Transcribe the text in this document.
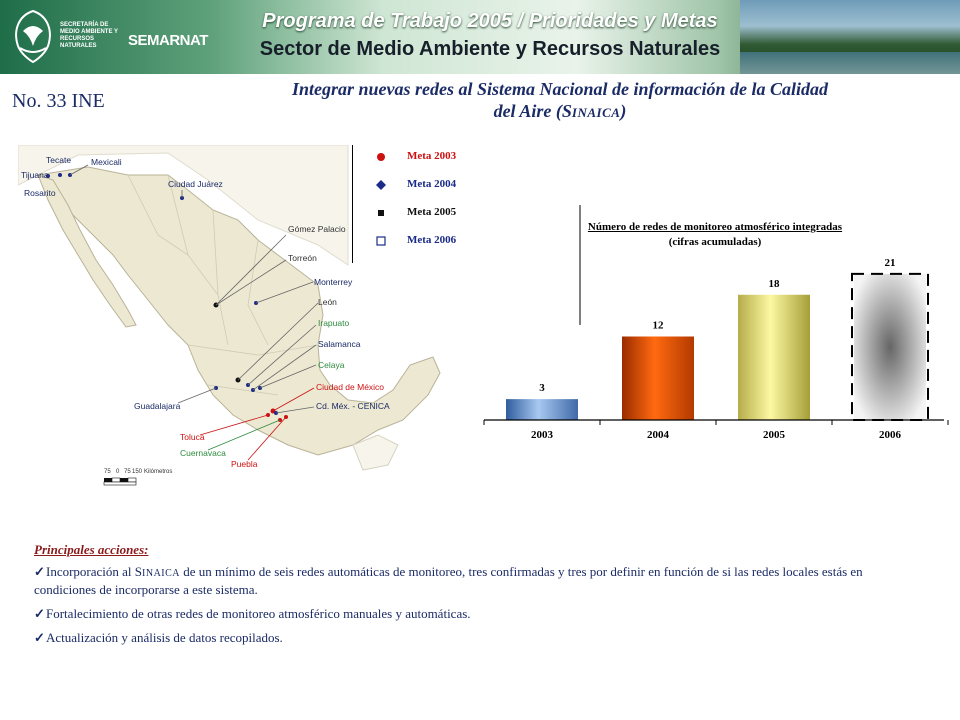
SECRETARÍA DE MEDIO AMBIENTE Y RECURSOS NATURALES	SEMARNAT
Programa de Trabajo 2005 / Prioridades y Metas
Sector de Medio Ambiente y Recursos Naturales
No. 33 INE
Integrar nuevas redes al Sistema Nacional de información de la Calidad
del Aire (SINAICA)
Tecate Mexicali
Tijuana
Rosarito
Ciudad Juárez
Gómez Palacio
Torreón
Monterrey
León
Irapuato
Salamanca
Celaya
Ciudad de México
Cd. Méx. - CENICA
Guadalajara
Toluca
Cuernavaca
Puebla
75 0 75 150 Kilómetros
Meta 2003
Meta 2004
Meta 2005
Meta 2006
3
12
18
21
2003	2004	2005	2006
Número de redes de monitoreo atmosférico integradas
(cifras acumuladas)
Principales acciones:
✓Incorporación al SINAICA de un mínimo de seis redes automáticas de monitoreo, tres confirmadas y tres por definir en función de si las redes locales estás en condiciones de incorporarse a este sistema.
✓Fortalecimiento de otras redes de monitoreo atmosférico manuales y automáticas.
✓Actualización y análisis de datos recopilados.
